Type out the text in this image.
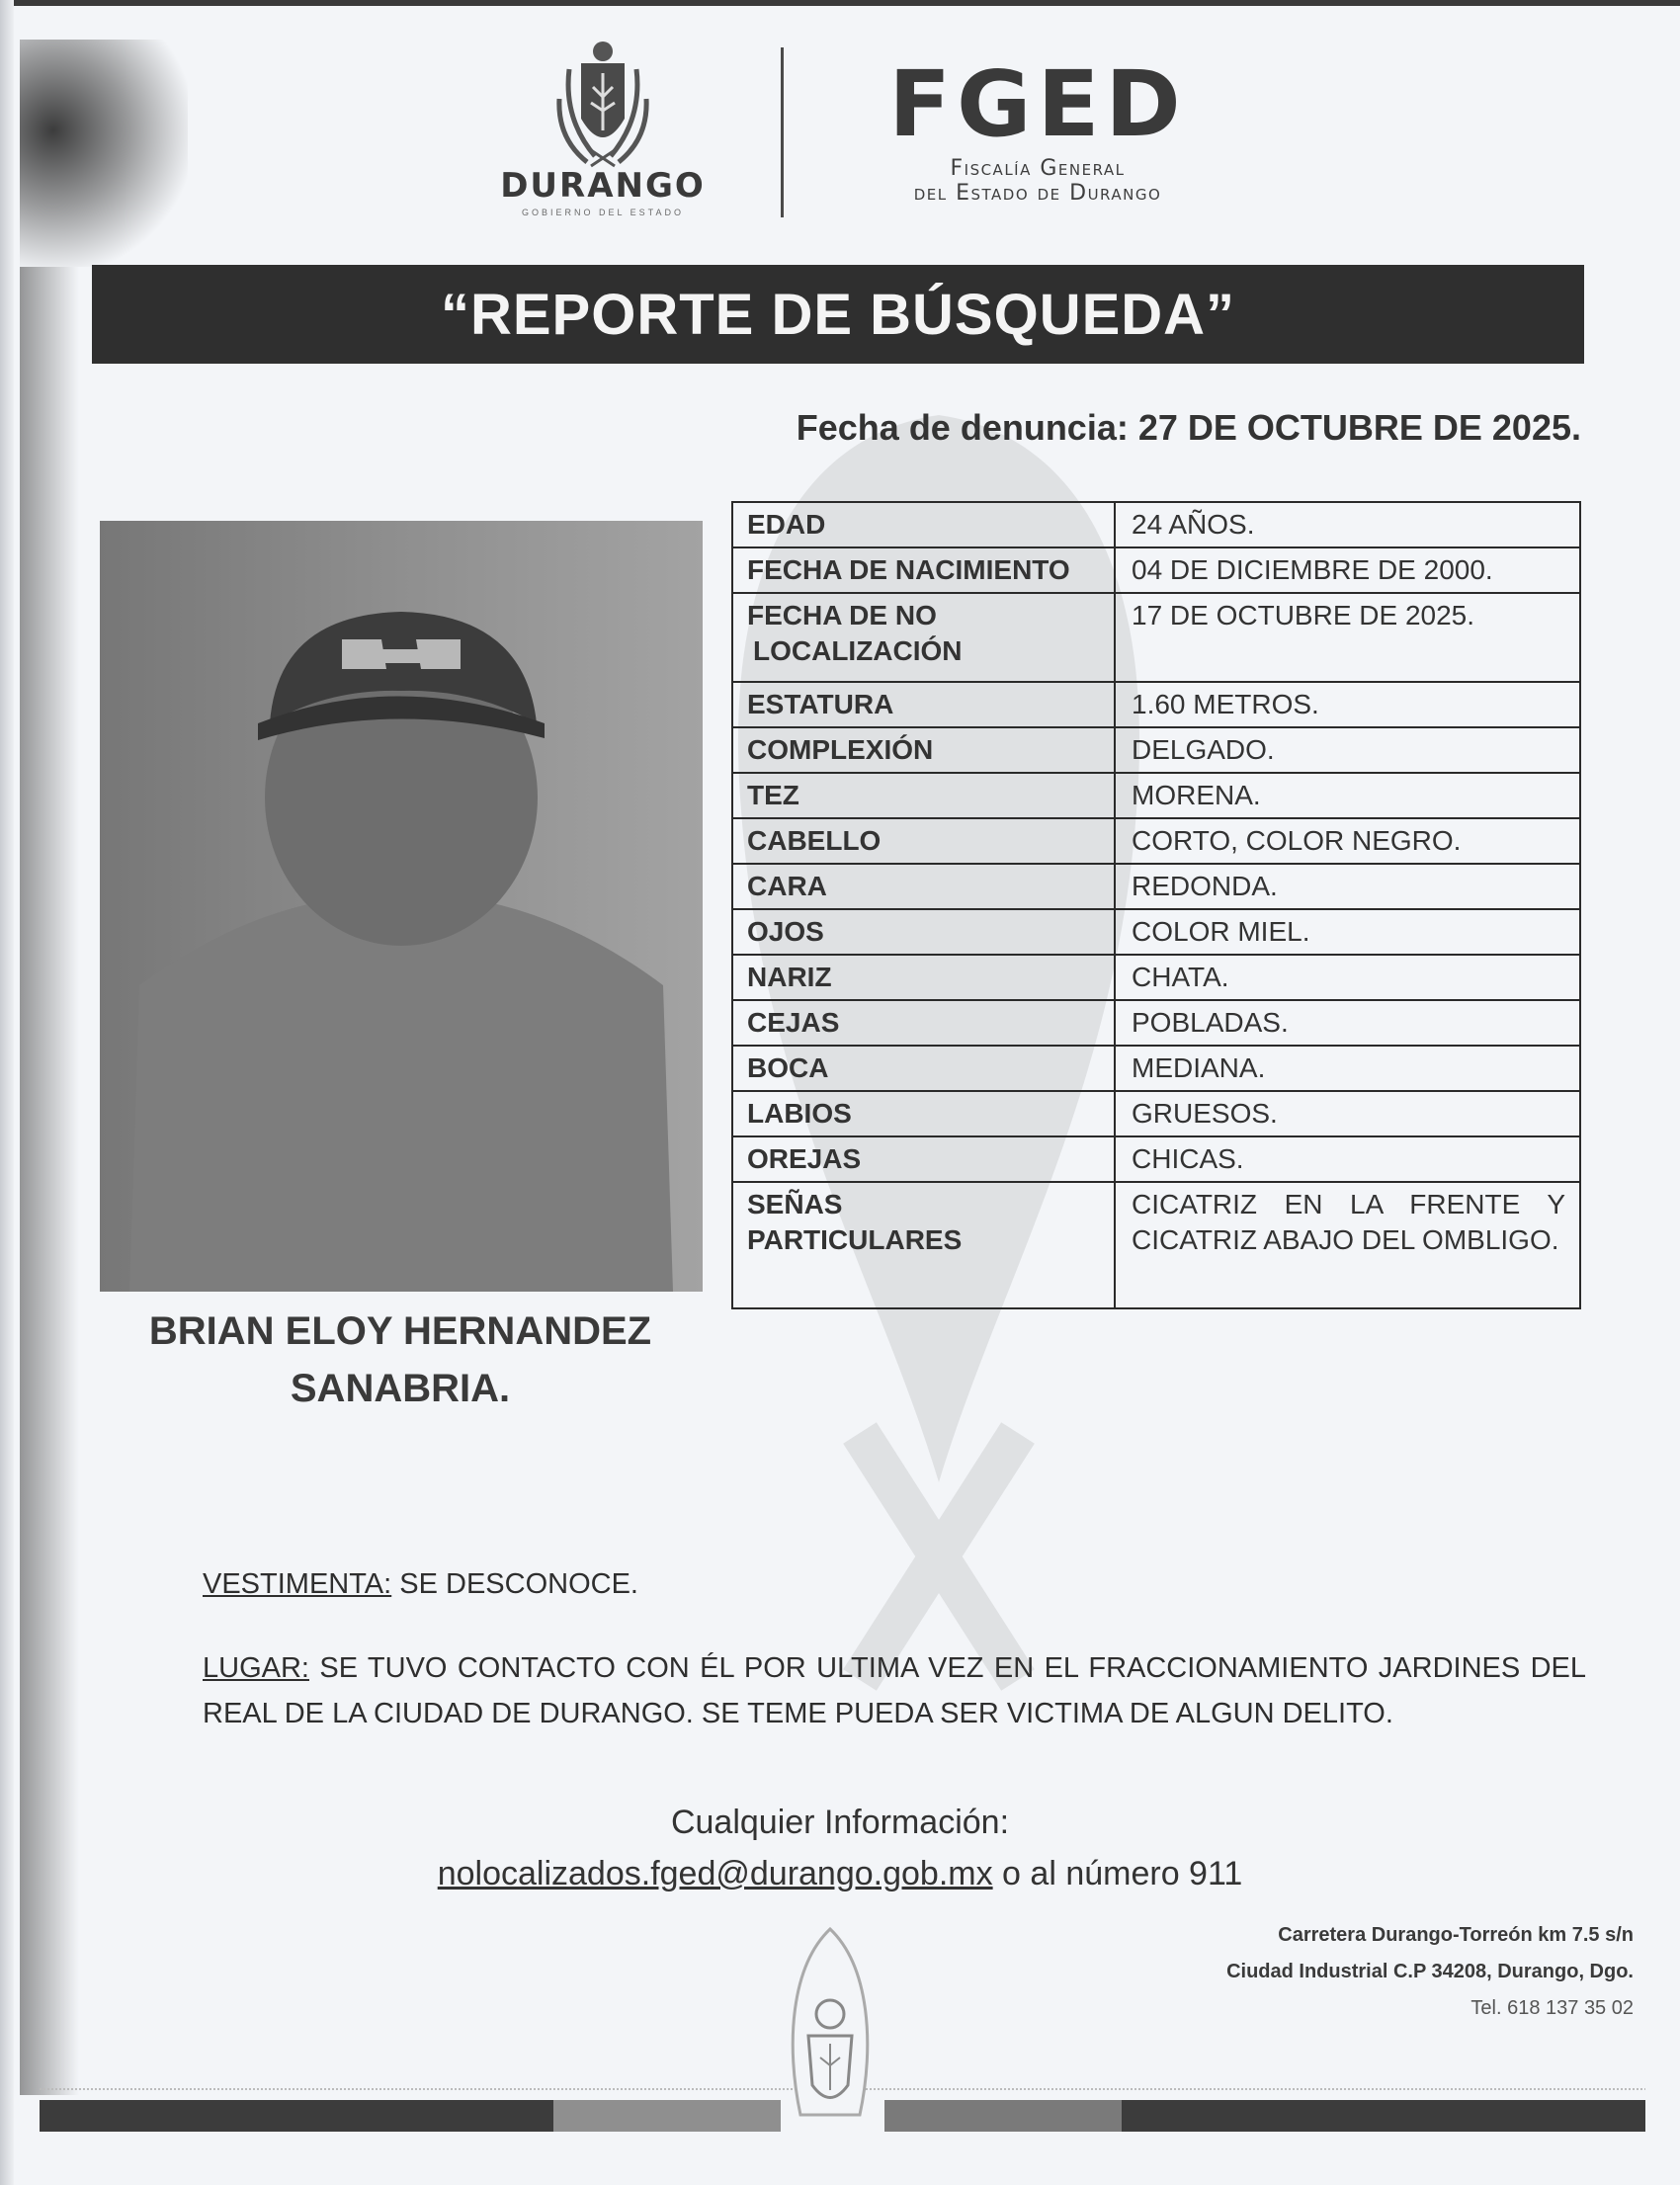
DURANGO
GOBIERNO DEL ESTADO
FGED
Fiscalía General
del Estado de Durango
“REPORTE DE BÚSQUEDA”
Fecha de denuncia: 27 DE OCTUBRE DE 2025.
BRIAN ELOY HERNANDEZ
SANABRIA.
EDAD	24 AÑOS.
FECHA DE NACIMIENTO	04 DE DICIEMBRE DE 2000.

FECHA DE NO
LOCALIZACIÓN	17 DE OCTUBRE DE 2025.
ESTATURA	1.60 METROS.
COMPLEXIÓN	DELGADO.
TEZ	MORENA.
CABELLO	CORTO, COLOR NEGRO.
CARA	REDONDA.
OJOS	COLOR MIEL.
NARIZ	CHATA.
CEJAS	POBLADAS.
BOCA	MEDIANA.
LABIOS	GRUESOS.
OREJAS	CHICAS.

SEÑAS
PARTICULARES	CICATRIZ EN LA FRENTE Y CICATRIZ ABAJO DEL OMBLIGO.
VESTIMENTA: SE DESCONOCE.
LUGAR: SE TUVO CONTACTO CON ÉL POR ULTIMA VEZ EN EL FRACCIONAMIENTO JARDINES DEL REAL DE LA CIUDAD DE DURANGO. SE TEME PUEDA SER VICTIMA DE ALGUN DELITO.
Cualquier Información:
nolocalizados.fged@durango.gob.mx o al número 911
Carretera Durango-Torreón km 7.5 s/n
Ciudad Industrial C.P 34208, Durango, Dgo.
Tel. 618 137 35 02
